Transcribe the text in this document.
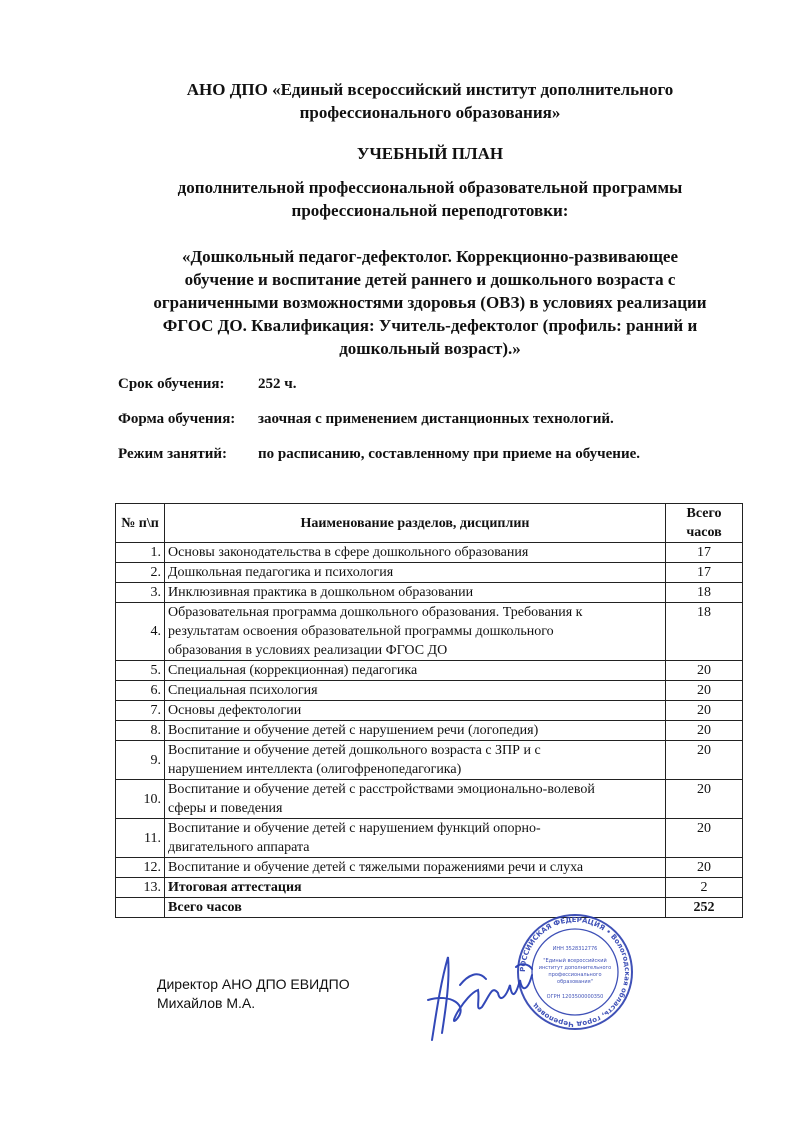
АНО ДПО «Единый всероссийский институт дополнительного
профессионального образования»
УЧЕБНЫЙ ПЛАН
дополнительной профессиональной образовательной программы
профессиональной переподготовки:
«Дошкольный педагог-дефектолог. Коррекционно-развивающее
обучение и воспитание детей раннего и дошкольного возраста с
ограниченными возможностями здоровья (ОВЗ) в условиях реализации
ФГОС ДО. Квалификация: Учитель-дефектолог (профиль: ранний и
дошкольный возраст).»
Срок обучения: 252 ч.
Форма обучения: заочная с применением дистанционных технологий.
Режим занятий: по расписанию, составленному при приеме на обучение.
№ п\п	Наименование разделов, дисциплин	Всего
часов

1.	Основы законодательства в сфере дошкольного образования	17
2.	Дошкольная педагогика и психология	17
3.	Инклюзивная практика в дошкольном образовании	18
4.	Образовательная программа дошкольного образования. Требования к
результатам освоения образовательной программы дошкольного
образования в условиях реализации ФГОС ДО	18
5.	Специальная (коррекционная) педагогика	20
6.	Специальная психология	20
7.	Основы дефектологии	20
8.	Воспитание и обучение детей с нарушением речи (логопедия)	20
9.	Воспитание и обучение детей дошкольного возраста с ЗПР и с
нарушением интеллекта (олигофренопедагогика)	20
10.	Воспитание и обучение детей с расстройствами эмоционально-волевой
сферы и поведения	20
11.	Воспитание и обучение детей с нарушением функций опорно-
двигательного аппарата	20
12.	Воспитание и обучение детей с тяжелыми поражениями речи и слуха	20
13.	Итоговая аттестация	2
	Всего часов	252
Директор АНО ДПО ЕВИДПО
Михайлов М.А.
РОССИЙСКАЯ ФЕДЕРАЦИЯ • Вологодская область, город Череповец
ИНН 3528312776
"Единый всероссийский
институт дополнительного
профессионального
образования"
ОГРН 1203500000350
